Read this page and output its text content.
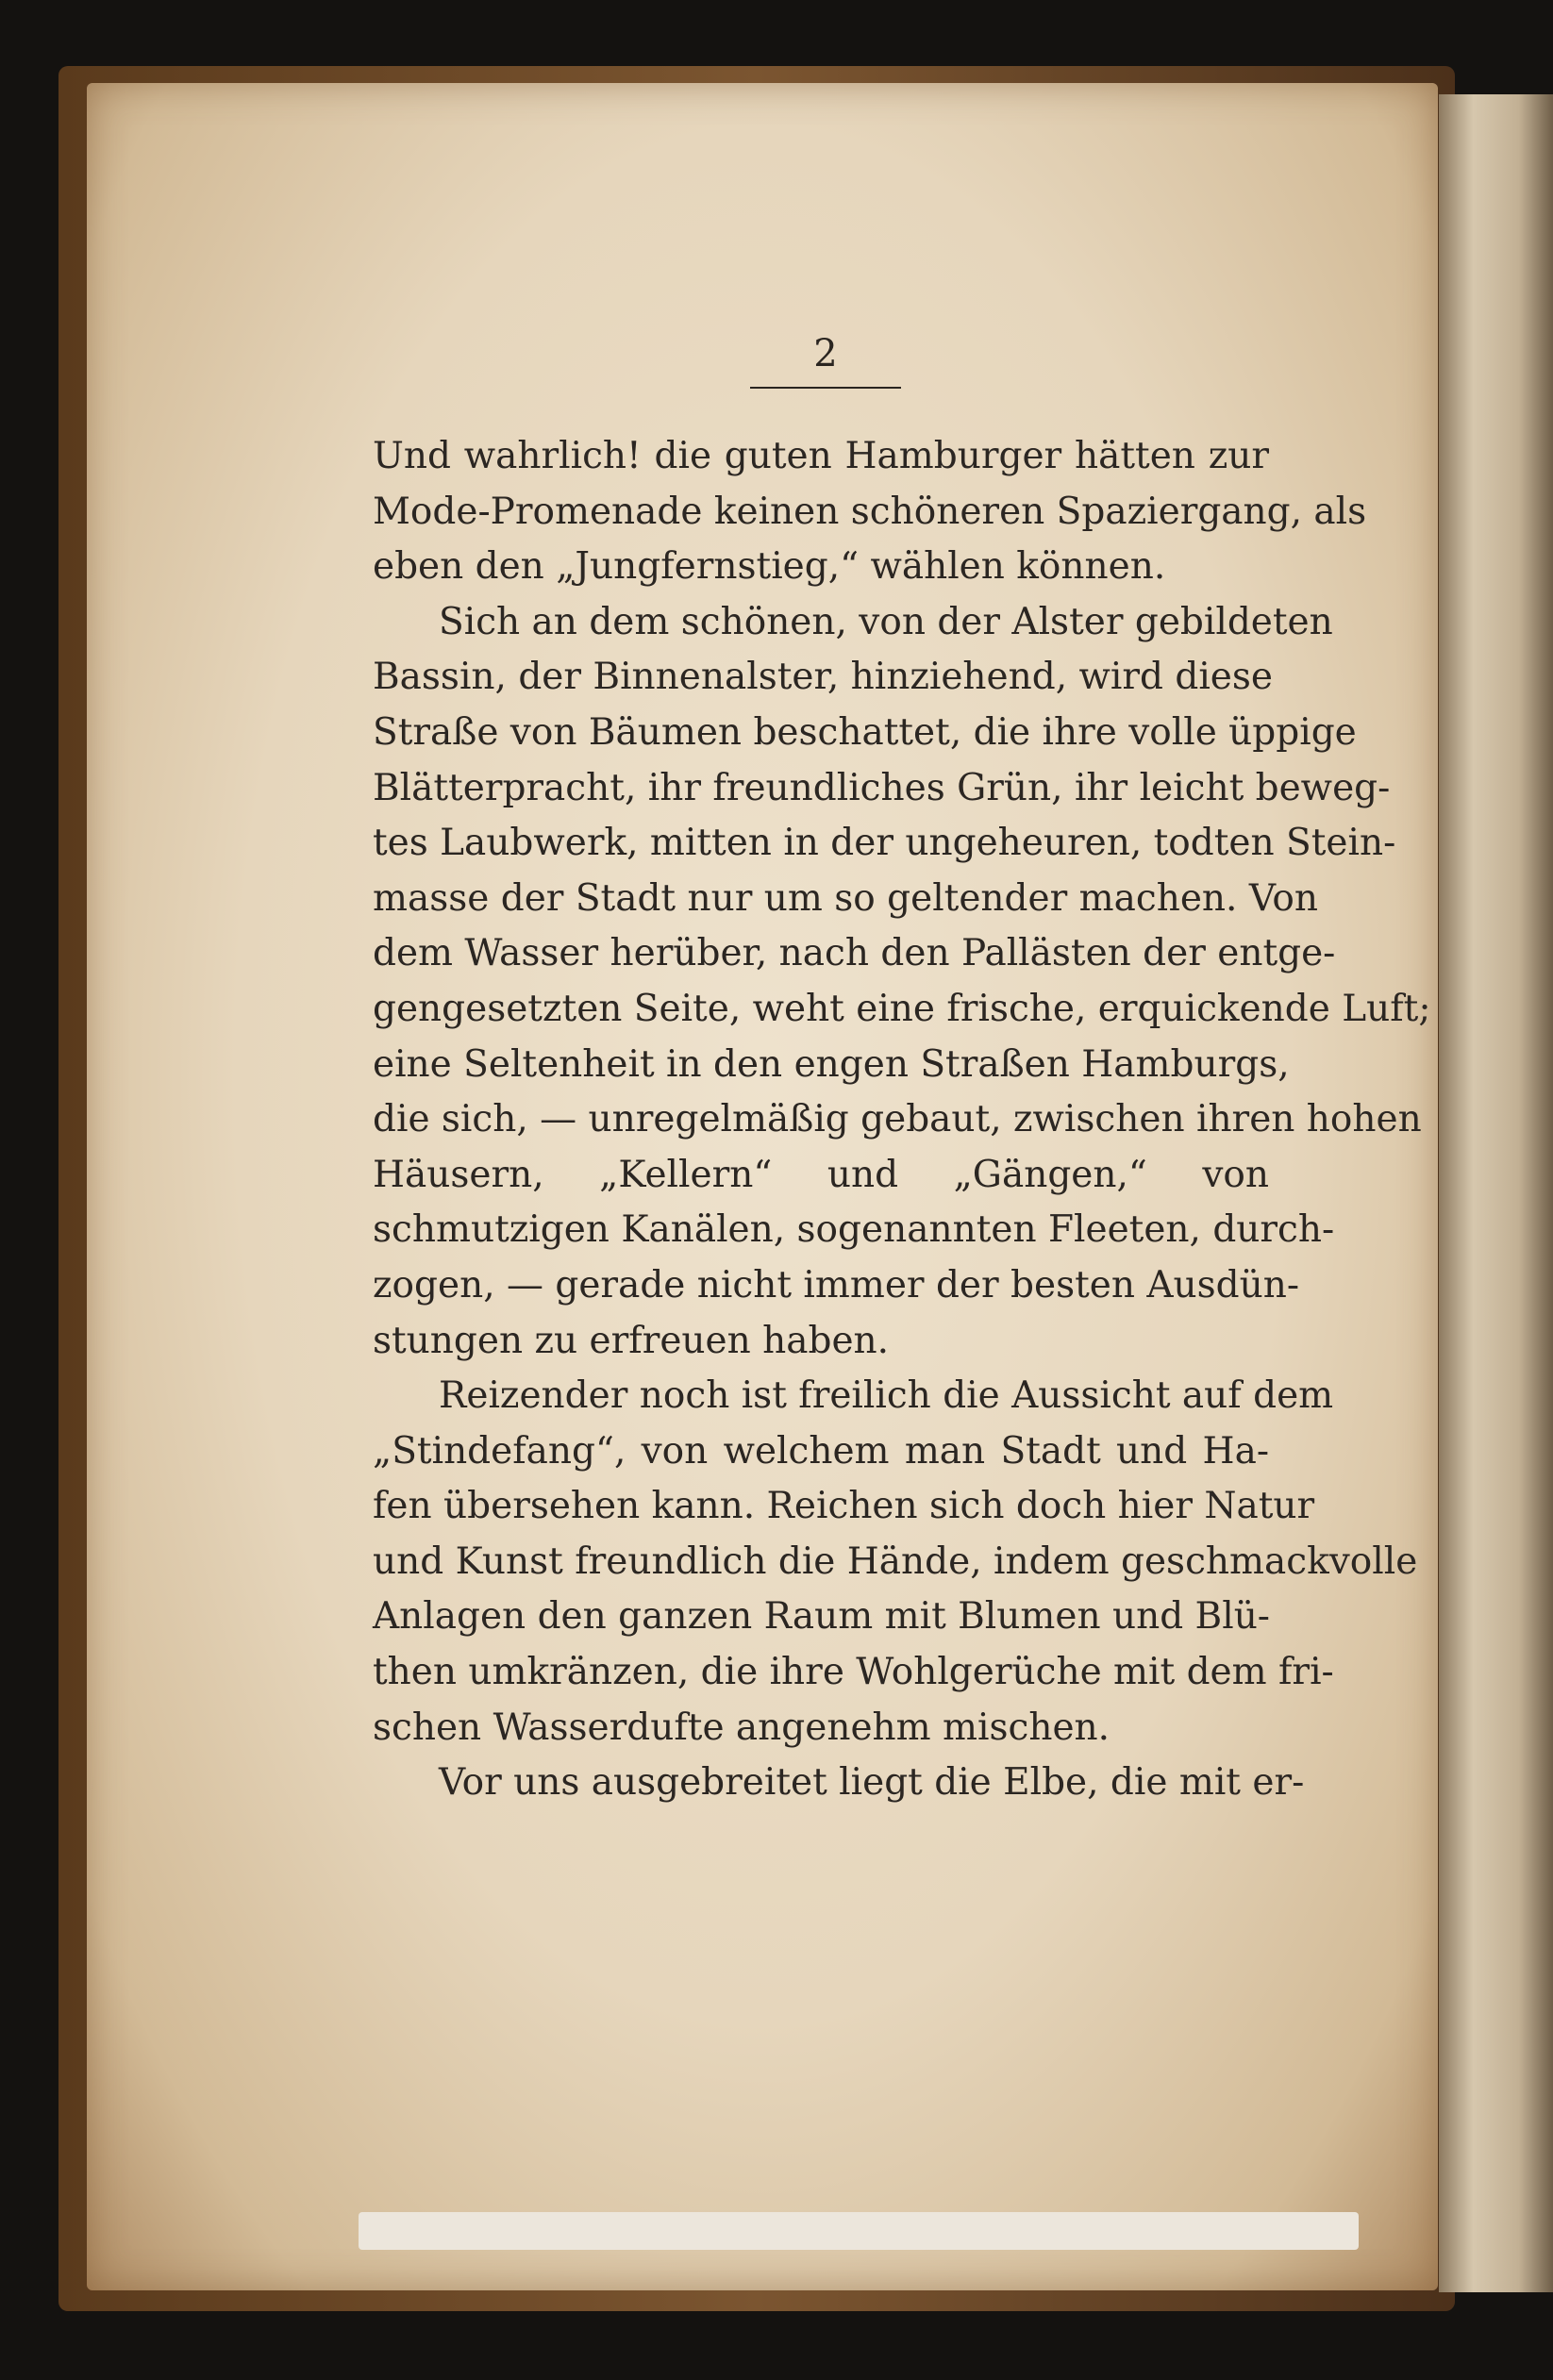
2
Und wahrlich! die guten Hamburger hätten zur
Mode-Promenade keinen schöneren Spaziergang, als
eben den „Jungfernstieg,“ wählen können.
Sich an dem schönen, von der Alster gebildeten
Bassin, der Binnenalster, hinziehend, wird diese
Straße von Bäumen beschattet, die ihre volle üppige
Blätterpracht, ihr freundliches Grün, ihr leicht beweg-
tes Laubwerk, mitten in der ungeheuren, todten Stein-
masse der Stadt nur um so geltender machen. Von
dem Wasser herüber, nach den Pallästen der entge-
gengesetzten Seite, weht eine frische, erquickende Luft;
eine Seltenheit in den engen Straßen Hamburgs,
die sich, — unregelmäßig gebaut, zwischen ihren hohen
Häusern, „Kellern“ und „Gängen,“ von
schmutzigen Kanälen, sogenannten Fleeten, durch-
zogen, — gerade nicht immer der besten Ausdün-
stungen zu erfreuen haben.
Reizender noch ist freilich die Aussicht auf dem
„Stindefang“, von welchem man Stadt und Ha-
fen übersehen kann. Reichen sich doch hier Natur
und Kunst freundlich die Hände, indem geschmackvolle
Anlagen den ganzen Raum mit Blumen und Blü-
then umkränzen, die ihre Wohlgerüche mit dem fri-
schen Wasserdufte angenehm mischen.
Vor uns ausgebreitet liegt die Elbe, die mit er-
